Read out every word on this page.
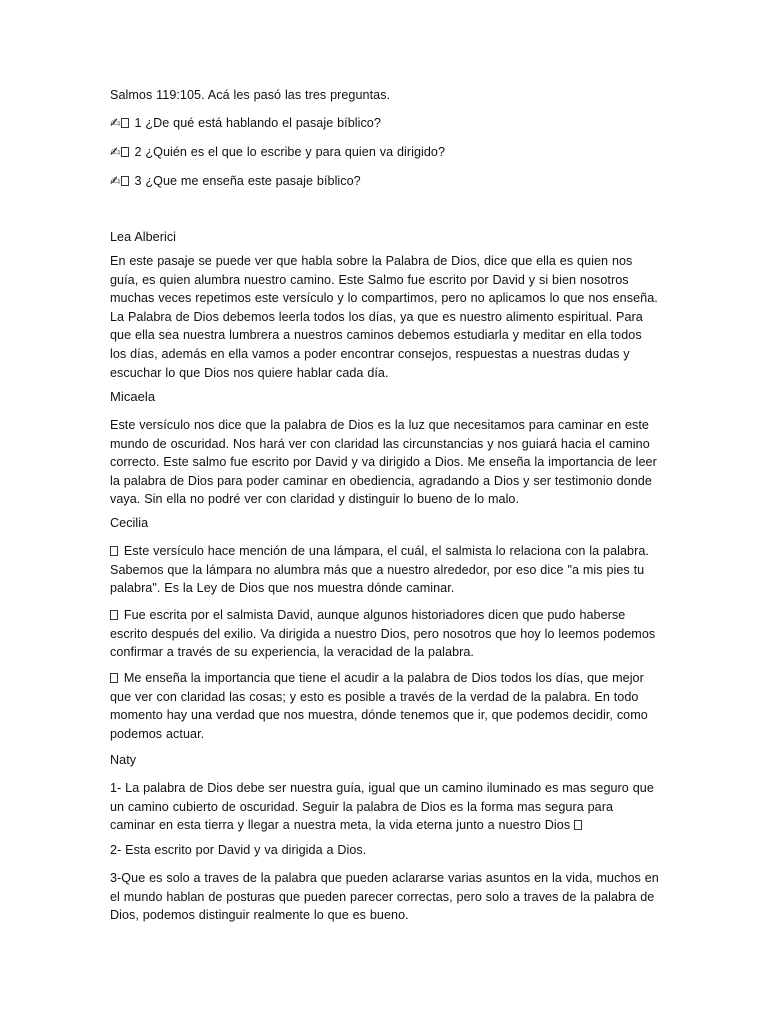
Salmos 119:105. Acá les pasó las tres preguntas.

✍ 1 ¿De qué está hablando el pasaje bíblico?

✍ 2 ¿Quién es el que lo escribe y para quien va dirigido?

✍ 3 ¿Que me enseña este pasaje bíblico?

Lea Alberici

En este pasaje se puede ver que habla sobre la Palabra de Dios, dice que ella es quien nos guía, es quien alumbra nuestro camino. Este Salmo fue escrito por David y si bien nosotros muchas veces repetimos este versículo y lo compartimos, pero no aplicamos lo que nos enseña. La Palabra de Dios debemos leerla todos los días, ya que es nuestro alimento espiritual. Para que ella sea nuestra lumbrera a nuestros caminos debemos estudiarla y meditar en ella todos los días, además en ella vamos a poder encontrar consejos, respuestas a nuestras dudas y escuchar lo que Dios nos quiere hablar cada día.

Micaela

Este versículo nos dice que la palabra de Dios es la luz que necesitamos para caminar en este mundo de oscuridad. Nos hará ver con claridad las circunstancias y nos guiará hacia el camino correcto. Este salmo fue escrito por David y va dirigido a Dios. Me enseña la importancia de leer la palabra de Dios para poder caminar en obediencia, agradando a Dios y ser testimonio donde vaya. Sin ella no podré ver con claridad y distinguir lo bueno de lo malo.

Cecilia

Este versículo hace mención de una lámpara, el cuál, el salmista lo relaciona con la palabra. Sabemos que la lámpara no alumbra más que a nuestro alrededor, por eso dice "a mis pies tu palabra". Es la Ley de Dios que nos muestra dónde caminar.

Fue escrita por el salmista David, aunque algunos historiadores dicen que pudo haberse escrito después del exilio. Va dirigida a nuestro Dios, pero nosotros que hoy lo leemos podemos confirmar a través de su experiencia, la veracidad de la palabra.

Me enseña la importancia que tiene el acudir a la palabra de Dios todos los días, que mejor que ver con claridad las cosas; y esto es posible a través de la verdad de la palabra. En todo momento hay una verdad que nos muestra, dónde tenemos que ir, que podemos decidir, como podemos actuar.

Naty

1- La palabra de Dios debe ser nuestra guía, igual que un camino iluminado es mas seguro que un camino cubierto de oscuridad. Seguir la palabra de Dios es la forma mas segura para caminar en esta tierra y llegar a nuestra meta, la vida eterna junto a nuestro Dios

2- Esta escrito por David y va dirigida a Dios.

3-Que es solo a traves de la palabra que pueden aclararse varias asuntos en la vida, muchos en el mundo hablan de posturas que pueden parecer correctas, pero solo a traves de la palabra de Dios, podemos distinguir realmente lo que es bueno.
